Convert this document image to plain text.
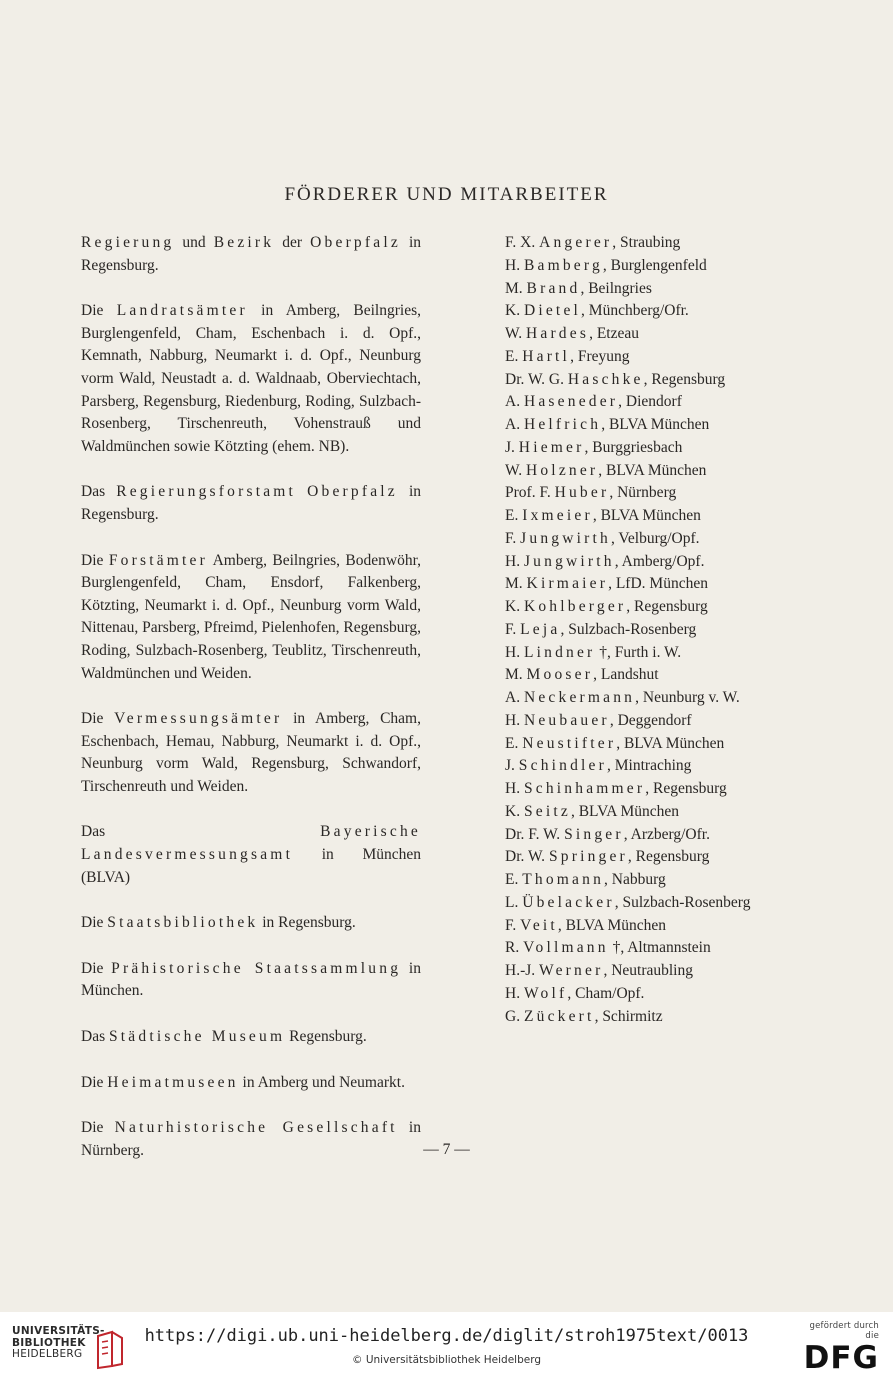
FÖRDERER UND MITARBEITER

Regierung und Bezirk der Oberpfalz in Regensburg.

Die Landratsämter in Amberg, Beilngries, Burglengenfeld, Cham, Eschenbach i. d. Opf., Kemnath, Nabburg, Neumarkt i. d. Opf., Neunburg vorm Wald, Neustadt a. d. Waldnaab, Oberviechtach, Parsberg, Regensburg, Riedenburg, Roding, Sulzbach-Rosenberg, Tirschenreuth, Vohenstrauß und Waldmünchen sowie Kötzting (ehem. NB).

Das Regierungsforstamt Oberpfalz in Regensburg.

Die Forstämter Amberg, Beilngries, Bodenwöhr, Burglengenfeld, Cham, Ensdorf, Falkenberg, Kötzting, Neumarkt i. d. Opf., Neunburg vorm Wald, Nittenau, Parsberg, Pfreimd, Pielenhofen, Regensburg, Roding, Sulzbach-Rosenberg, Teublitz, Tirschenreuth, Waldmünchen und Weiden.

Die Vermessungsämter in Amberg, Cham, Eschenbach, Hemau, Nabburg, Neumarkt i. d. Opf., Neunburg vorm Wald, Regensburg, Schwandorf, Tirschenreuth und Weiden.

Das Bayerische Landesvermessungsamt in München (BLVA)

Die Staatsbibliothek in Regensburg.

Die Prähistorische Staatssammlung in München.

Das Städtische Museum Regensburg.

Die Heimatmuseen in Amberg und Neumarkt.

Die Naturhistorische Gesellschaft in Nürnberg.

F. X. Angerer, Straubing
H. Bamberg, Burglengenfeld
M. Brand, Beilngries
K. Dietel, Münchberg/Ofr.
W. Hardes, Etzeau
E. Hartl, Freyung
Dr. W. G. Haschke, Regensburg
A. Haseneder, Diendorf
A. Helfrich, BLVA München
J. Hiemer, Burggriesbach
W. Holzner, BLVA München
Prof. F. Huber, Nürnberg
E. Ixmeier, BLVA München
F. Jungwirth, Velburg/Opf.
H. Jungwirth, Amberg/Opf.
M. Kirmaier, LfD. München
K. Kohlberger, Regensburg
F. Leja, Sulzbach-Rosenberg
H. Lindner †, Furth i. W.
M. Mooser, Landshut
A. Neckermann, Neunburg v. W.
H. Neubauer, Deggendorf
E. Neustifter, BLVA München
J. Schindler, Mintraching
H. Schinhammer, Regensburg
K. Seitz, BLVA München
Dr. F. W. Singer, Arzberg/Ofr.
Dr. W. Springer, Regensburg
E. Thomann, Nabburg
L. Übelacker, Sulzbach-Rosenberg
F. Veit, BLVA München
R. Vollmann †, Altmannstein
H.-J. Werner, Neutraubling
H. Wolf, Cham/Opf.
G. Zückert, Schirmitz
— 7 —
UNIVERSITÄTS-
BIBLIOTHEK
HEIDELBERG
https://digi.ub.uni-heidelberg.de/diglit/stroh1975text/0013
© Universitätsbibliothek Heidelberg
gefördert durch die
DFG
